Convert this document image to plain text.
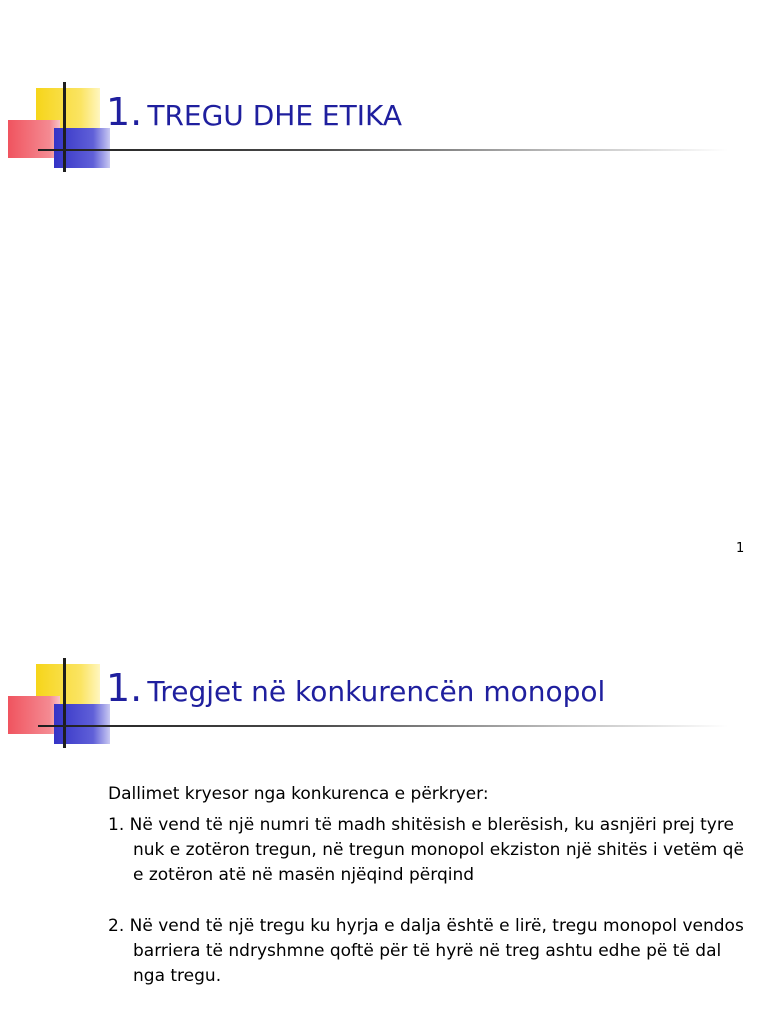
1. TREGU DHE ETIKA
1
1. Tregjet në konkurencën monopol

Dallimet kryesor nga konkurenca e përkryer:

1. Në vend të një numri të madh shitësish e blerësish, ku asnjëri prej tyre nuk e zotëron tregun, në tregun monopol ekziston një shitës i vetëm që e zotëron atë në masën njëqind përqind

2. Në vend të një tregu ku hyrja e dalja është e lirë, tregu monopol vendos barriera të ndryshmne qoftë për të hyrë në treg ashtu edhe pë të dal nga tregu.
